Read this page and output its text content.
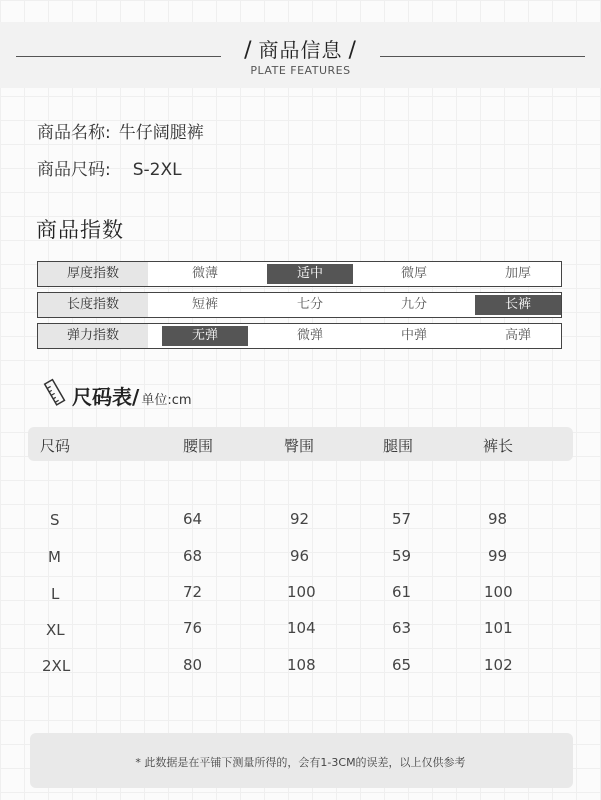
/ 商品信息 /
PLATE FEATURES
商品名称: 牛仔阔腿裤
商品尺码: S-2XL
商品指数
厚度指数	微薄	适中	微厚	加厚
长度指数	短裤	七分	九分	长裤
弹力指数	无弹	微弹	中弹	高弹
尺码表/ 单位:cm
尺码	腰围	臀围	腿围	裤长
S	64	92	57	98
M	68	96	59	99
L	72	100	61	100
XL	76	104	63	101
2XL	80	108	65	102
* 此数据是在平铺下测量所得的，会有1-3CM的误差，以上仅供参考
